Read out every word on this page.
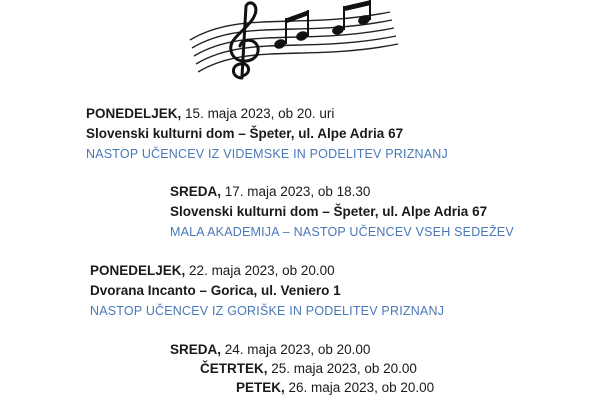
PONEDELJEK, 15. maja 2023, ob 20. uri
Slovenski kulturni dom – Špeter, ul. Alpe Adria 67
NASTOP UČENCEV IZ VIDEMSKE IN PODELITEV PRIZNANJ
SREDA, 17. maja 2023, ob 18.30
Slovenski kulturni dom – Špeter, ul. Alpe Adria 67
MALA AKADEMIJA – NASTOP UČENCEV VSEH SEDEŽEV
PONEDELJEK, 22. maja 2023, ob 20.00
Dvorana Incanto – Gorica, ul. Veniero 1
NASTOP UČENCEV IZ GORIŠKE IN PODELITEV PRIZNANJ
SREDA, 24. maja 2023, ob 20.00
ČETRTEK, 25. maja 2023, ob 20.00
PETEK, 26. maja 2023, ob 20.00
